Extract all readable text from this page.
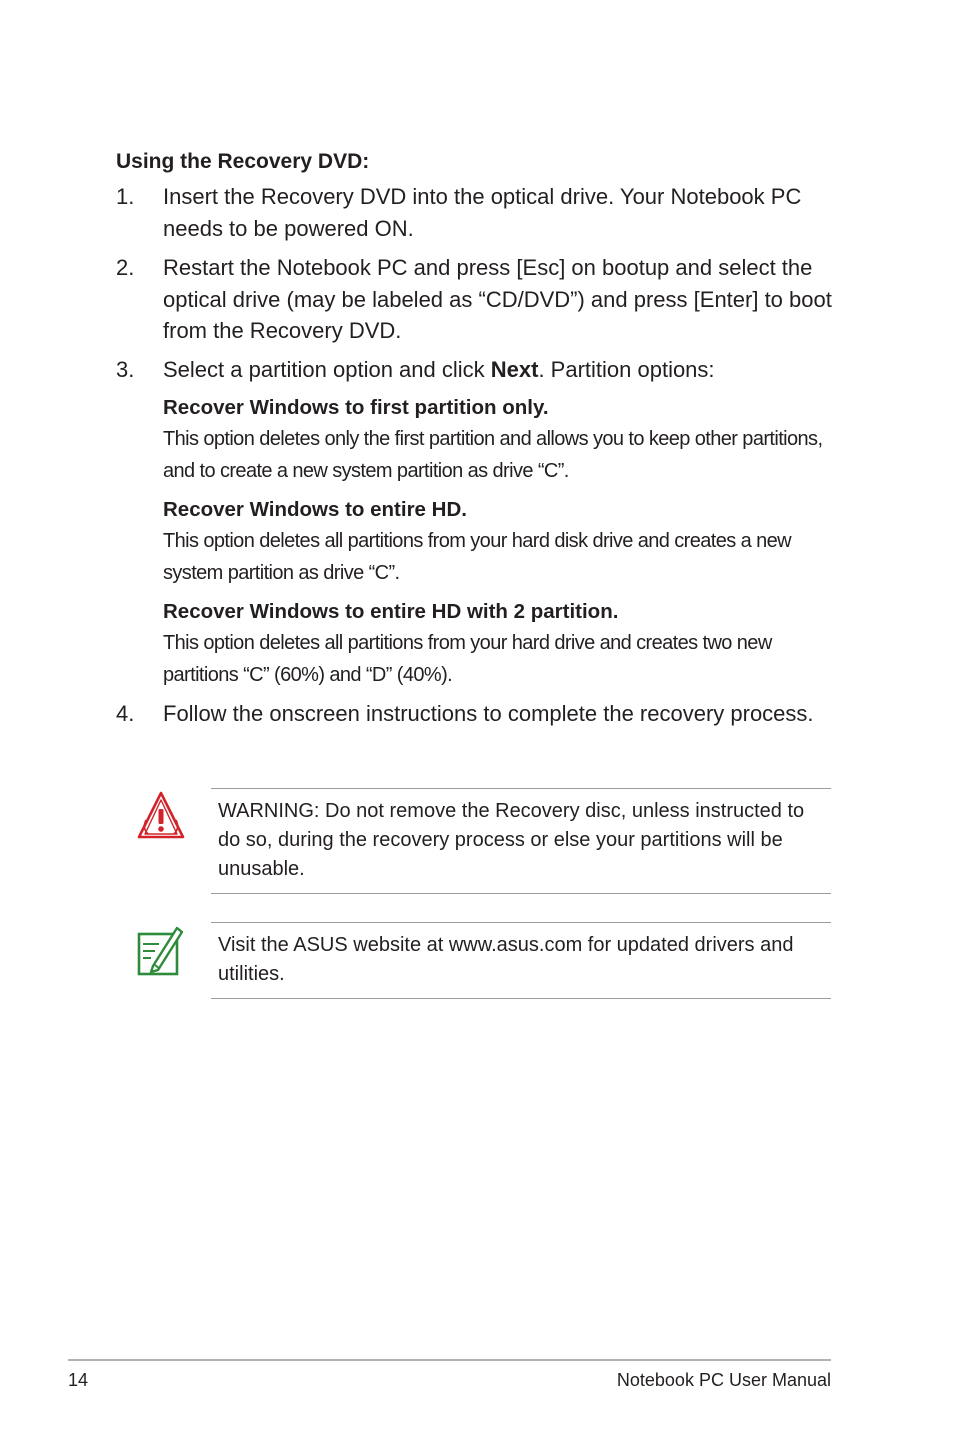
Using the Recovery DVD:
1.	Insert the Recovery DVD into the optical drive. Your Notebook PC needs to be powered ON.
2.	Restart the Notebook PC and press [Esc] on bootup and select the optical drive (may be labeled as “CD/DVD”) and press [Enter] to boot from the Recovery DVD.
3.	Select a partition option and click Next. Partition options:
Recover Windows to first partition only.
This option deletes only the first partition and allows you to keep other partitions, and to create a new system partition as drive “C”.
Recover Windows to entire HD.
This option deletes all partitions from your hard disk drive and creates a new system partition as drive “C”.
Recover Windows to entire HD with 2 partition.
This option deletes all partitions from your hard drive and creates two new partitions “C” (60%) and “D” (40%).
4.	Follow the onscreen instructions to complete the recovery process.
WARNING: Do not remove the Recovery disc, unless instructed to do so, during the recovery process or else your partitions will be unusable.
Visit the ASUS website at www.asus.com for updated drivers and utilities.
14	Notebook PC User Manual
